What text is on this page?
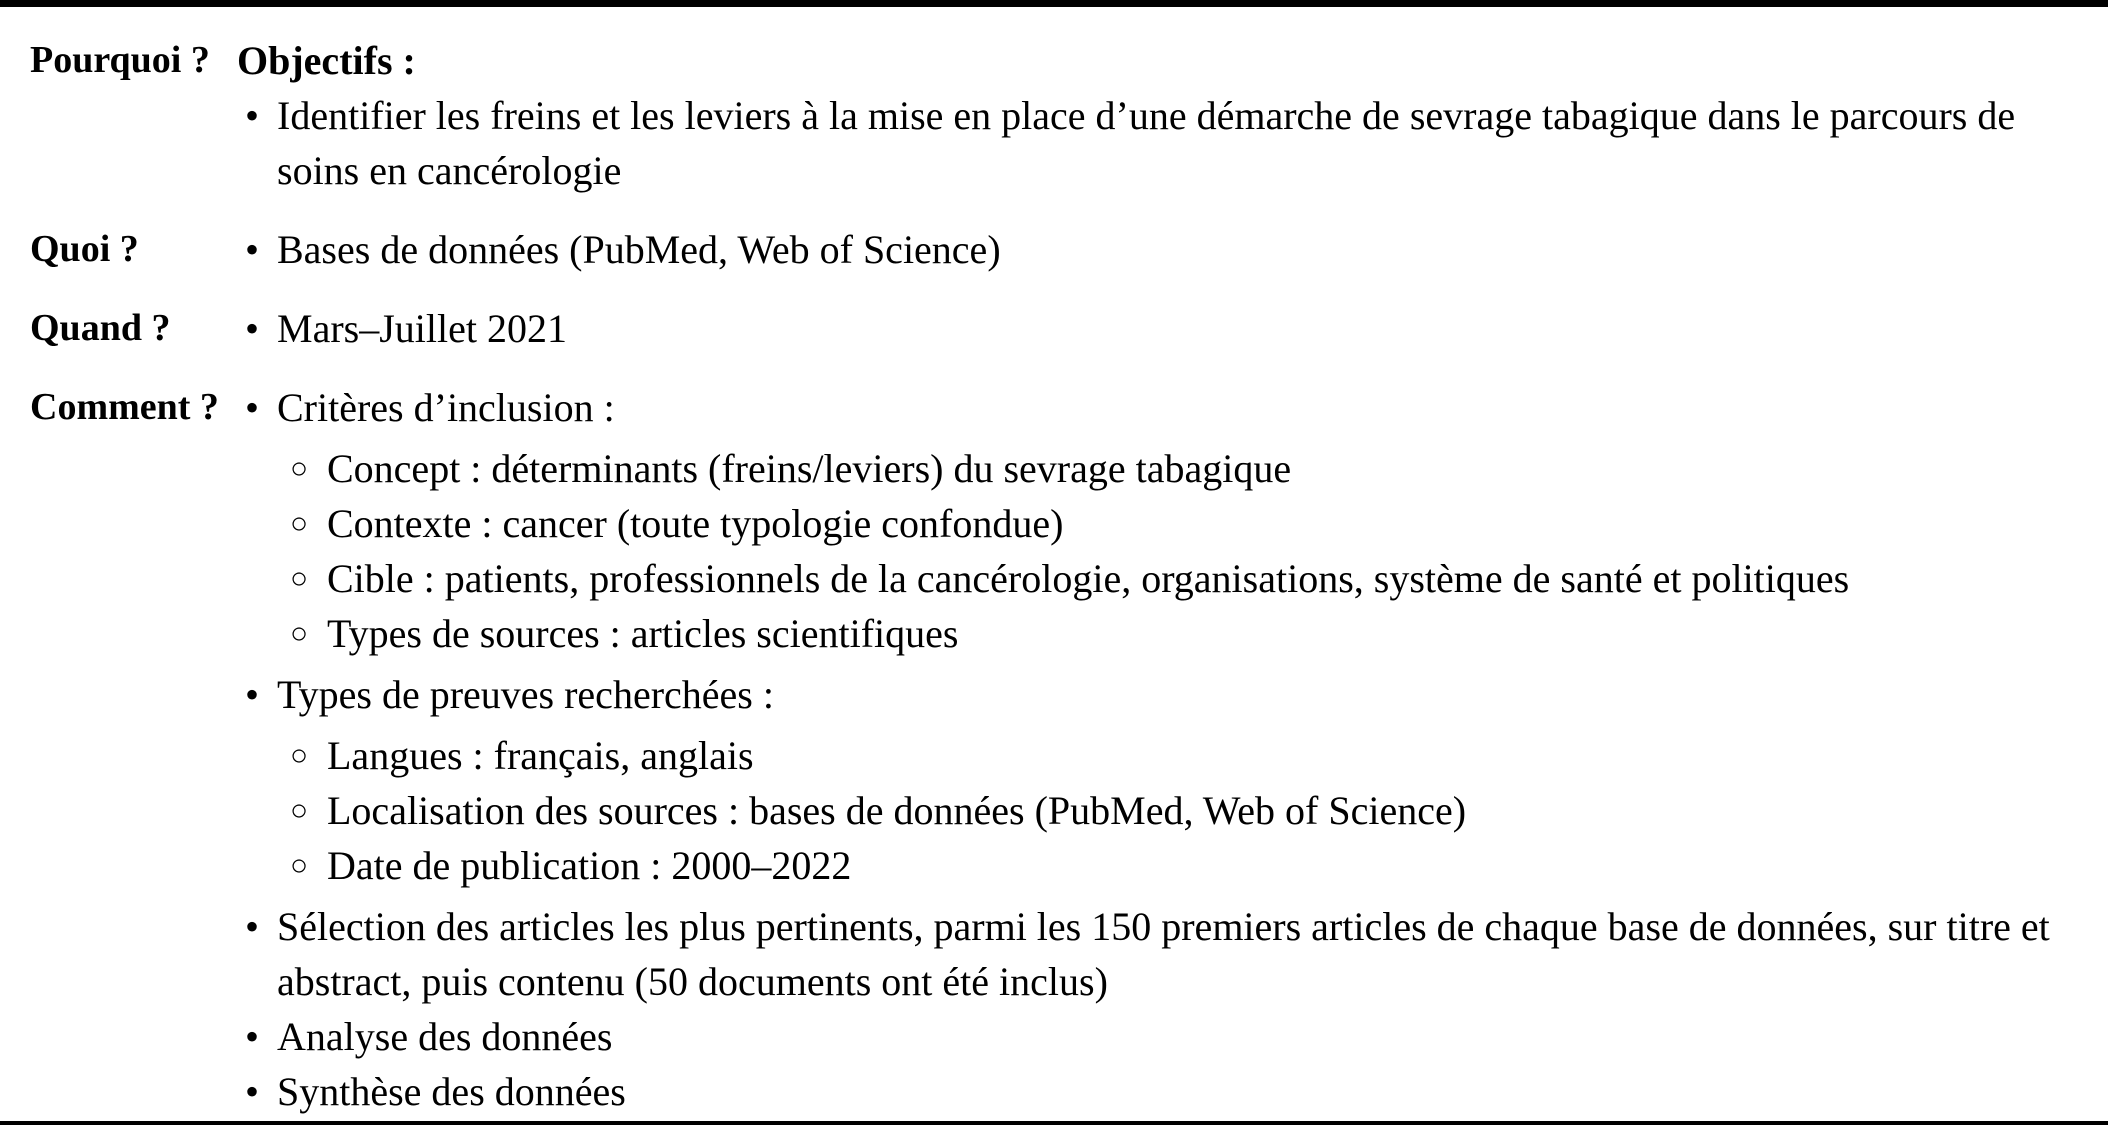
Pourquoi ? Objectifs :
• Identifier les freins et les leviers à la mise en place d’une démarche de sevrage tabagique dans le parcours de soins en cancérologie
Quoi ?	• Bases de données (PubMed, Web of Science)
Quand ?	• Mars–Juillet 2021
Comment ? • Critères d’inclusion :
○ Concept : déterminants (freins/leviers) du sevrage tabagique
○ Contexte : cancer (toute typologie confondue)
○ Cible : patients, professionnels de la cancérologie, organisations, système de santé et politiques
○ Types de sources : articles scientifiques
• Types de preuves recherchées :
○ Langues : français, anglais
○ Localisation des sources : bases de données (PubMed, Web of Science)
○ Date de publication : 2000–2022
• Sélection des articles les plus pertinents, parmi les 150 premiers articles de chaque base de données, sur titre et abstract, puis contenu (50 documents ont été inclus)
• Analyse des données
• Synthèse des données
